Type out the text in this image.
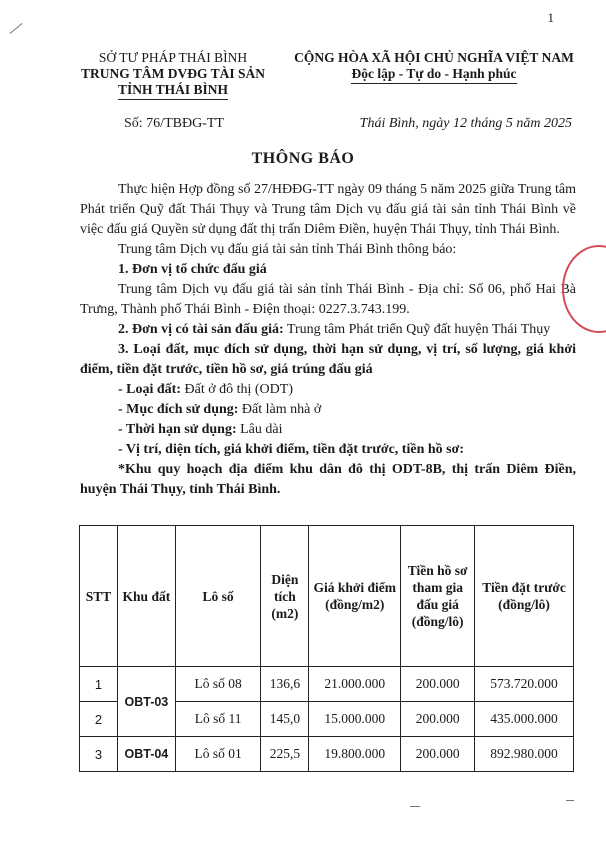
1
SỞ TƯ PHÁP THÁI BÌNH
TRUNG TÂM DVĐG TÀI SẢN
TỈNH THÁI BÌNH
CỘNG HÒA XÃ HỘI CHỦ NGHĨA VIỆT NAM
Độc lập - Tự do - Hạnh phúc
Số: 76/TBĐG-TT	Thái Bình, ngày 12 tháng 5 năm 2025
THÔNG BÁO

Thực hiện Hợp đồng số 27/HĐĐG-TT ngày 09 tháng 5 năm 2025 giữa Trung tâm Phát triển Quỹ đất Thái Thụy và Trung tâm Dịch vụ đấu giá tài sản tỉnh Thái Bình về việc đấu giá Quyền sử dụng đất thị trấn Diêm Điền, huyện Thái Thụy, tỉnh Thái Bình.

Trung tâm Dịch vụ đấu giá tài sản tỉnh Thái Bình thông báo:

1. Đơn vị tổ chức đấu giá

Trung tâm Dịch vụ đấu giá tài sản tỉnh Thái Bình - Địa chỉ: Số 06, phố Hai Bà Trưng, Thành phố Thái Bình - Điện thoại: 0227.3.743.199.

2. Đơn vị có tài sản đấu giá: Trung tâm Phát triển Quỹ đất huyện Thái Thụy

3. Loại đất, mục đích sử dụng, thời hạn sử dụng, vị trí, số lượng, giá khởi điểm, tiền đặt trước, tiền hồ sơ, giá trúng đấu giá

- Loại đất: Đất ở đô thị (ODT)

- Mục đích sử dụng: Đất làm nhà ở

- Thời hạn sử dụng: Lâu dài

- Vị trí, diện tích, giá khởi điểm, tiền đặt trước, tiền hồ sơ:

*Khu quy hoạch địa điểm khu dân đô thị ODT-8B, thị trấn Diêm Điền, huyện Thái Thụy, tỉnh Thái Bình.

STT	Khu đất	Lô số	Diện tích (m2)	Giá khởi điểm (đồng/m2)	Tiền hồ sơ tham gia đấu giá (đồng/lô)	Tiền đặt trước (đồng/lô)
1	OBT-03	Lô số 08	136,6	21.000.000	200.000	573.720.000
2		Lô số 11	145,0	15.000.000	200.000	435.000.000
3	OBT-04	Lô số 01	225,5	19.800.000	200.000	892.980.000
